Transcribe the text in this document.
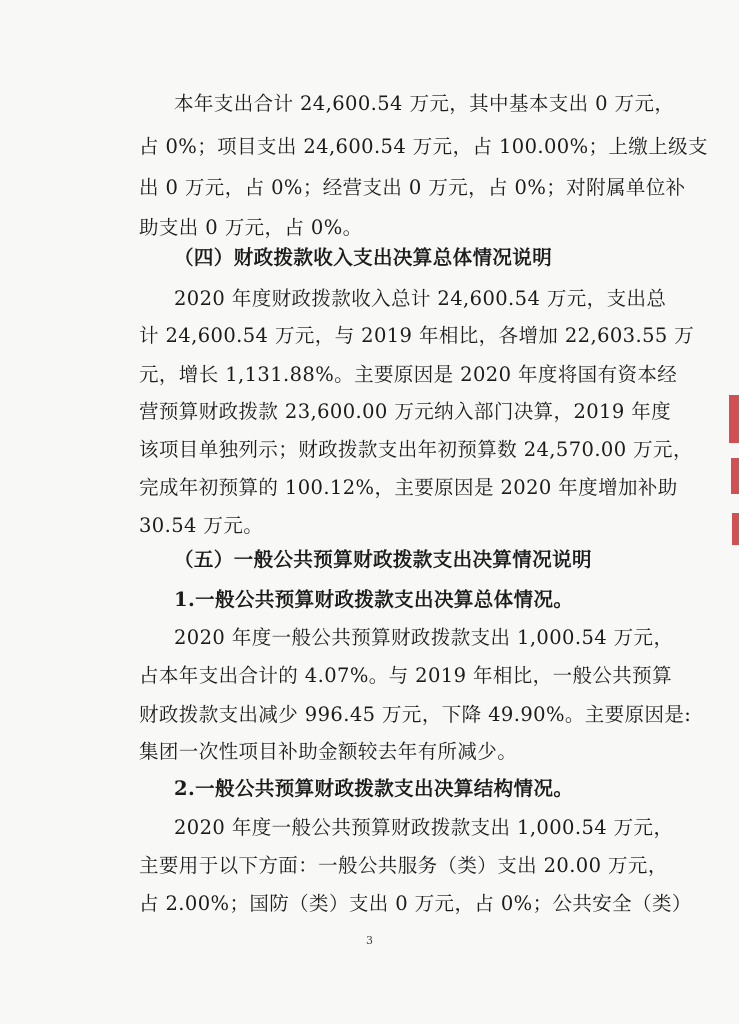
本年支出合计 24,600.54 万元，其中基本支出 0 万元，
占 0%；项目支出 24,600.54 万元，占 100.00%；上缴上级支
出 0 万元，占 0%；经营支出 0 万元，占 0%；对附属单位补
助支出 0 万元，占 0%。
（四）财政拨款收入支出决算总体情况说明
2020 年度财政拨款收入总计 24,600.54 万元，支出总
计 24,600.54 万元，与 2019 年相比，各增加 22,603.55 万
元，增长 1,131.88%。主要原因是 2020 年度将国有资本经
营预算财政拨款 23,600.00 万元纳入部门决算，2019 年度
该项目单独列示；财政拨款支出年初预算数 24,570.00 万元，
完成年初预算的 100.12%，主要原因是 2020 年度增加补助
30.54 万元。
（五）一般公共预算财政拨款支出决算情况说明
1.一般公共预算财政拨款支出决算总体情况。
2020 年度一般公共预算财政拨款支出 1,000.54 万元，
占本年支出合计的 4.07%。与 2019 年相比，一般公共预算
财政拨款支出减少 996.45 万元，下降 49.90%。主要原因是:
集团一次性项目补助金额较去年有所减少。
2.一般公共预算财政拨款支出决算结构情况。
2020 年度一般公共预算财政拨款支出 1,000.54 万元，
主要用于以下方面：一般公共服务（类）支出 20.00 万元，
占 2.00%；国防（类）支出 0 万元，占 0%；公共安全（类）
3
